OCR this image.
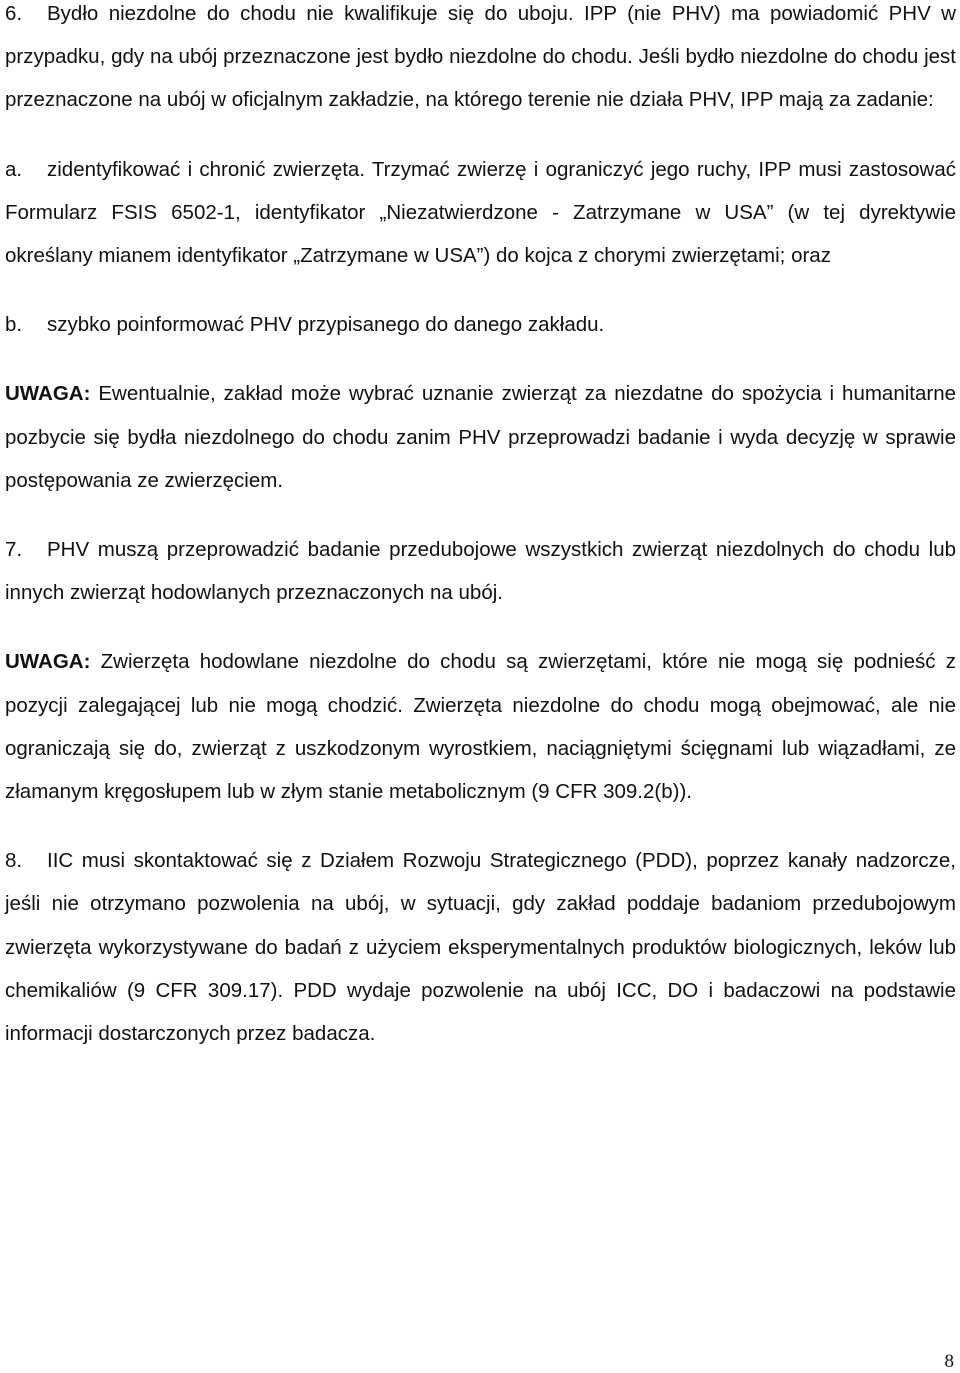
6. Bydło niezdolne do chodu nie kwalifikuje się do uboju. IPP (nie PHV) ma powiadomić PHV w przypadku, gdy na ubój przeznaczone jest bydło niezdolne do chodu. Jeśli bydło niezdolne do chodu jest przeznaczone na ubój w oficjalnym zakładzie, na którego terenie nie działa PHV, IPP mają za zadanie:

a. zidentyfikować i chronić zwierzęta. Trzymać zwierzę i ograniczyć jego ruchy, IPP musi zastosować Formularz FSIS 6502-1, identyfikator „Niezatwierdzone - Zatrzymane w USA” (w tej dyrektywie określany mianem identyfikator „Zatrzymane w USA”) do kojca z chorymi zwierzętami; oraz

b. szybko poinformować PHV przypisanego do danego zakładu.

UWAGA: Ewentualnie, zakład może wybrać uznanie zwierząt za niezdatne do spożycia i humanitarne pozbycie się bydła niezdolnego do chodu zanim PHV przeprowadzi badanie i wyda decyzję w sprawie postępowania ze zwierzęciem.

7. PHV muszą przeprowadzić badanie przedubojowe wszystkich zwierząt niezdolnych do chodu lub innych zwierząt hodowlanych przeznaczonych na ubój.

UWAGA: Zwierzęta hodowlane niezdolne do chodu są zwierzętami, które nie mogą się podnieść z pozycji zalegającej lub nie mogą chodzić. Zwierzęta niezdolne do chodu mogą obejmować, ale nie ograniczają się do, zwierząt z uszkodzonym wyrostkiem, naciągniętymi ścięgnami lub wiązadłami, ze złamanym kręgosłupem lub w złym stanie metabolicznym (9 CFR 309.2(b)).

8. IIC musi skontaktować się z Działem Rozwoju Strategicznego (PDD), poprzez kanały nadzorcze, jeśli nie otrzymano pozwolenia na ubój, w sytuacji, gdy zakład poddaje badaniom przedubojowym zwierzęta wykorzystywane do badań z użyciem eksperymentalnych produktów biologicznych, leków lub chemikaliów (9 CFR 309.17). PDD wydaje pozwolenie na ubój ICC, DO i badaczowi na podstawie informacji dostarczonych przez badacza.

8
